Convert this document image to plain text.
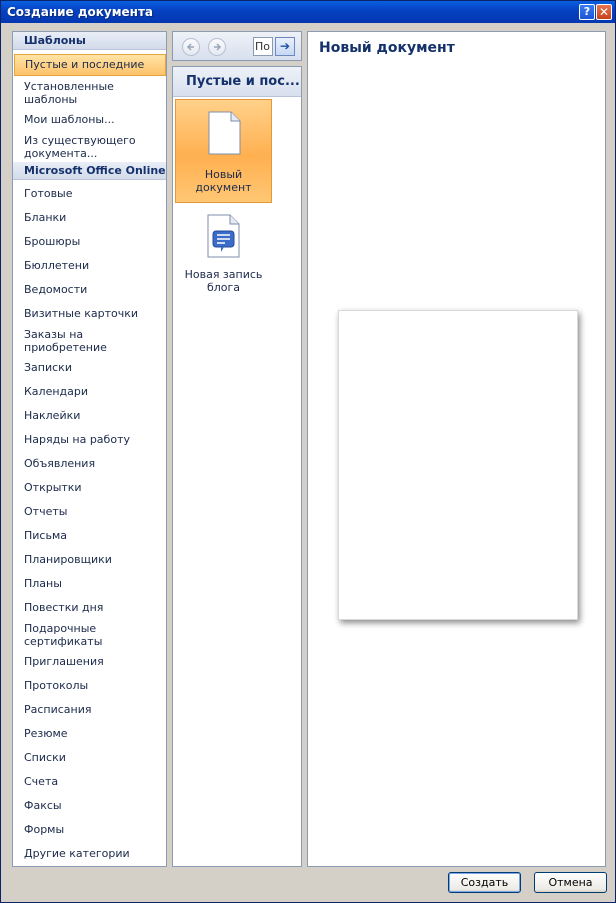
Создание документа	? ✕
Шаблоны
Пустые и последние
Установленные шаблоны
Мои шаблоны...
Из существующего документа...
Microsoft Office Online
Готовые
Бланки
Брошюры
Бюллетени
Ведомости
Визитные карточки
Заказы на приобретение
Записки
Календари
Наклейки
Наряды на работу
Объявления
Открытки
Отчеты
Письма
Планировщики
Планы
Повестки дня
Подарочные сертификаты
Приглашения
Протоколы
Расписания
Резюме
Списки
Счета
Факсы
Формы
Другие категории
По ➔
Пустые и пос...
Новый документ
Новая запись блога
Новый документ
Создать	Отмена
